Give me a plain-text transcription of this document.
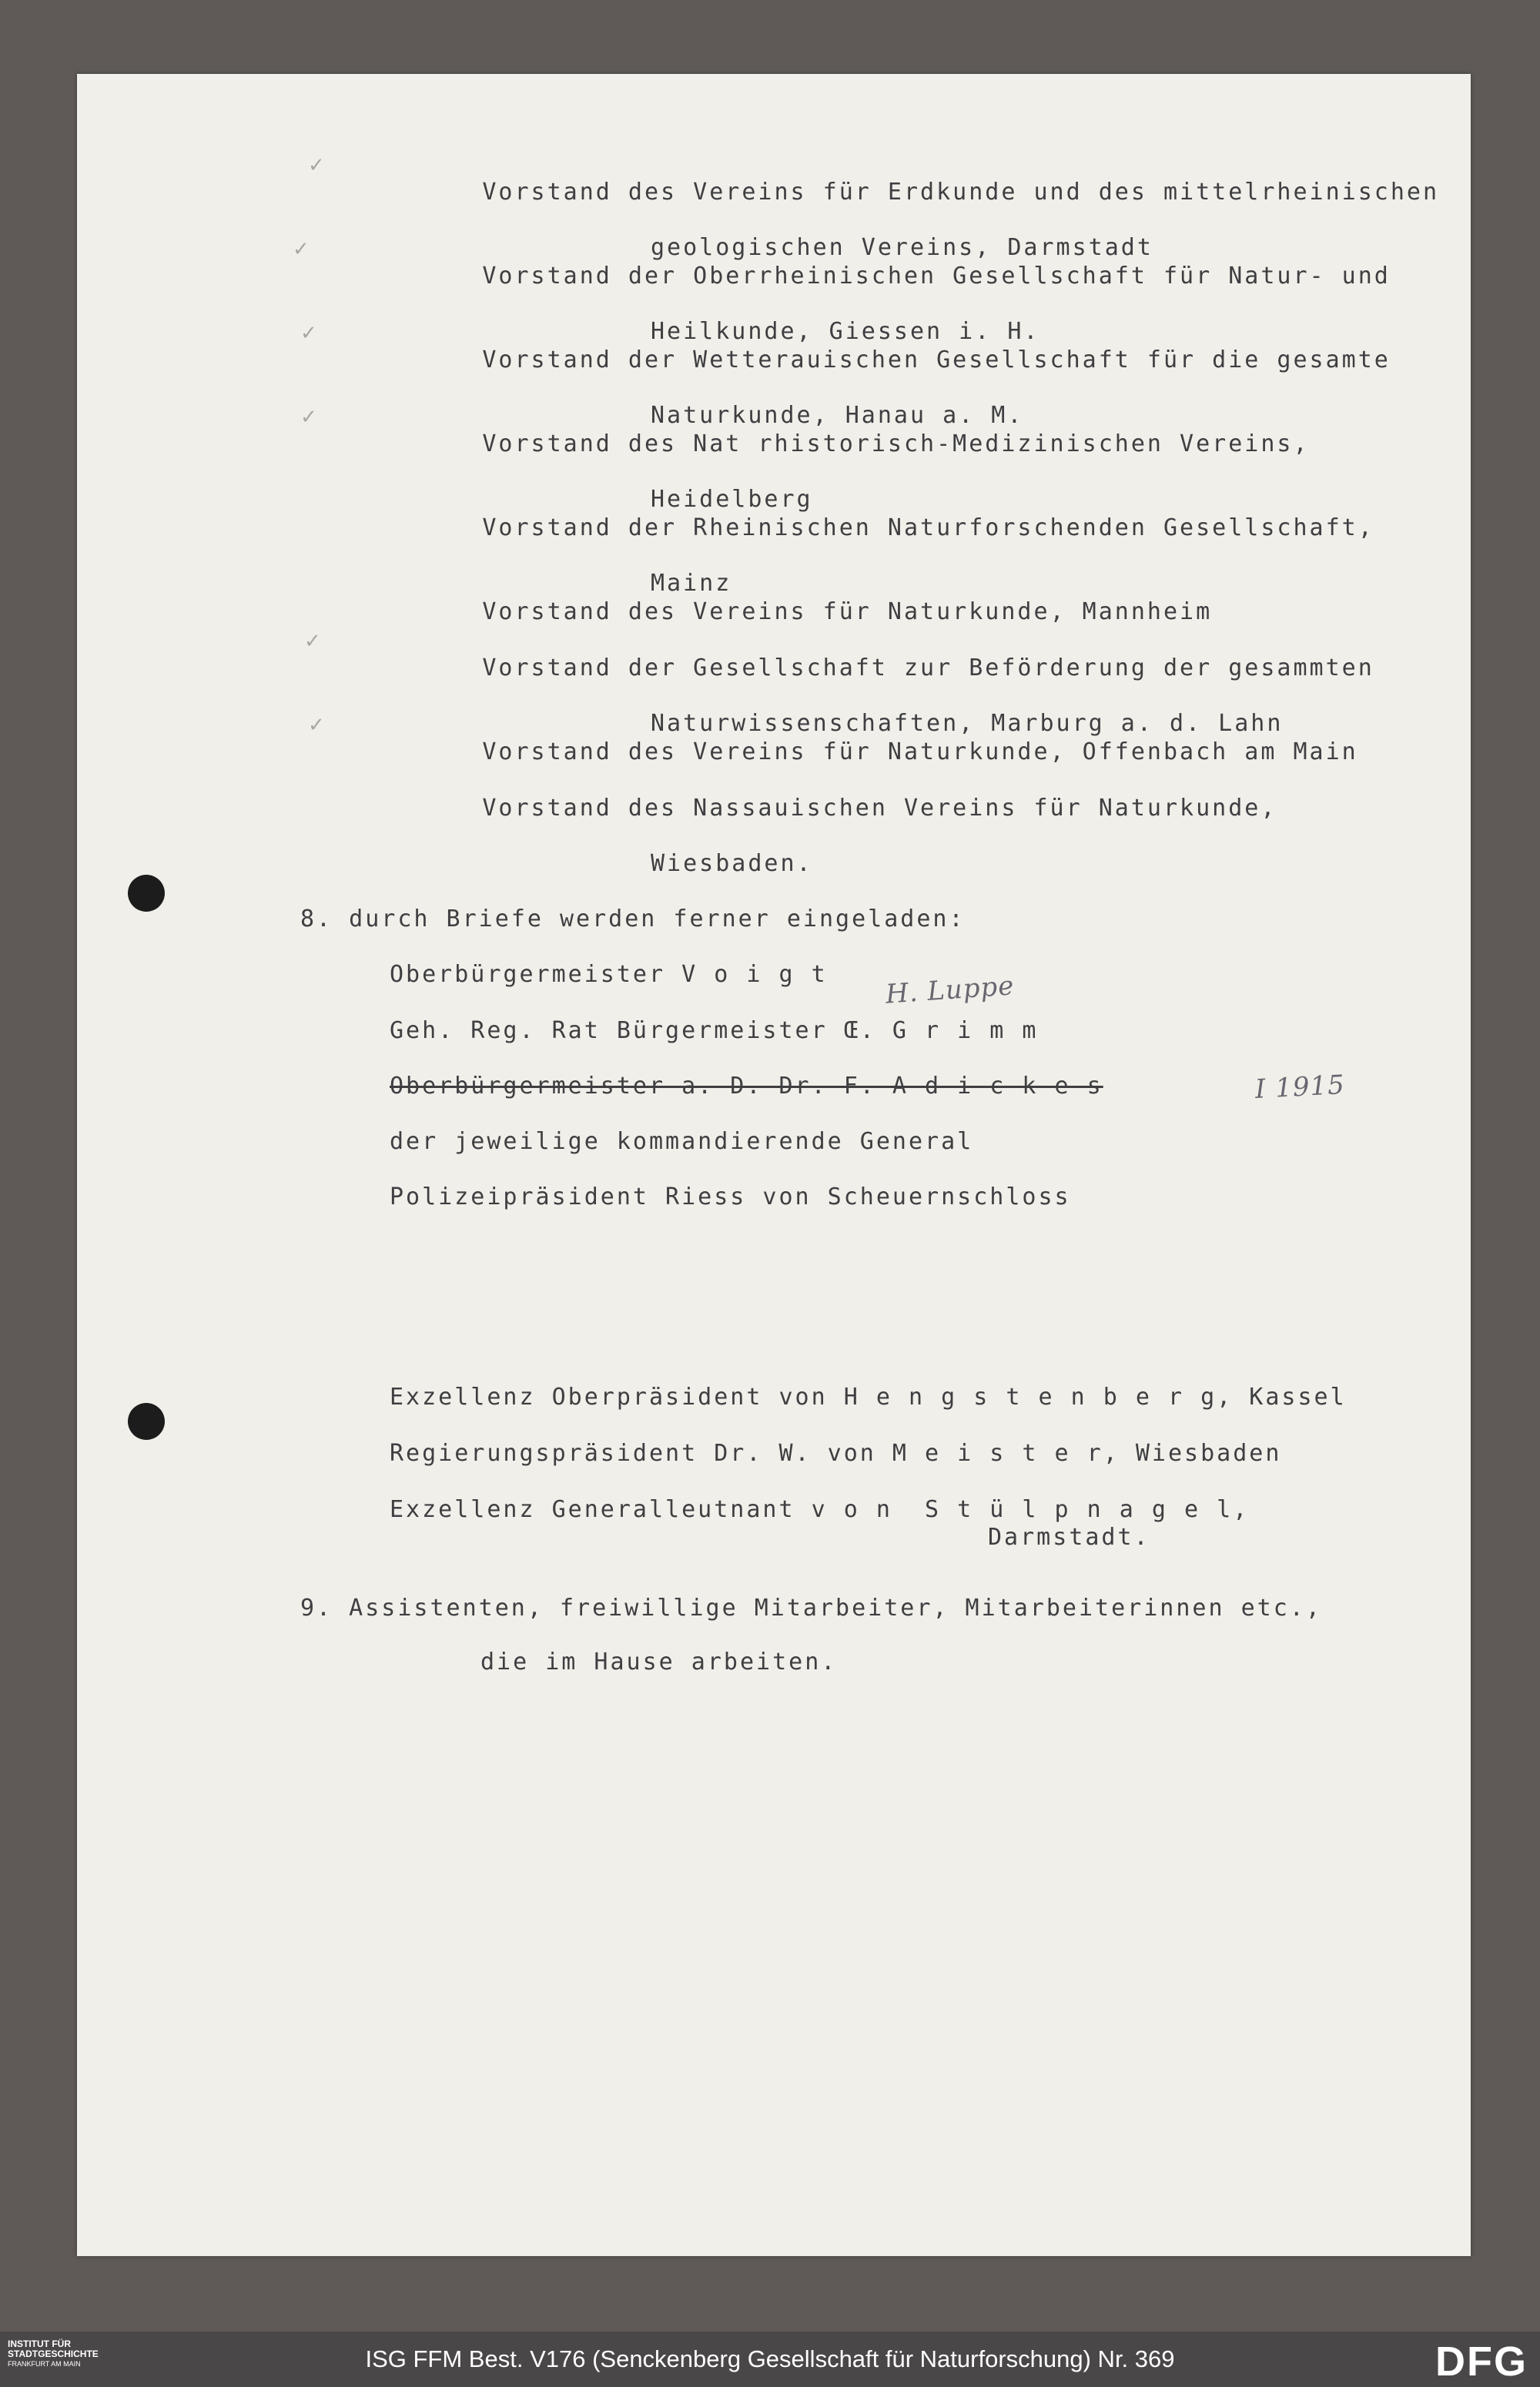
✓

Vorstand des Vereins für Erdkunde und des mittelrheinischen

geologischen Vereins, Darmstadt

✓

Vorstand der Oberrheinischen Gesellschaft für Natur- und

Heilkunde, Giessen i. H.

✓

Vorstand der Wetterauischen Gesellschaft für die gesamte

Naturkunde, Hanau a. M.

✓

Vorstand des Nat rhistorisch-Medizinischen Vereins,

Heidelberg

Vorstand der Rheinischen Naturforschenden Gesellschaft,

Mainz

Vorstand des Vereins für Naturkunde, Mannheim

✓

Vorstand der Gesellschaft zur Beförderung der gesammten

Naturwissenschaften, Marburg a. d. Lahn

✓

Vorstand des Vereins für Naturkunde, Offenbach am Main

Vorstand des Nassauischen Vereins für Naturkunde,

Wiesbaden.

8. durch Briefe werden ferner eingeladen:
Oberbürgermeister V o i g t H. Luppe
Geh. Reg. Rat Bürgermeister Œ. G r i m m
Oberbürgermeister a. D. Dr. F. A d i c k e s	I 1915
der jeweilige kommandierende General
Polizeipräsident Riess von Scheuernschloss
Exzellenz Oberpräsident von H e n g s t e n b e r g, Kassel
Regierungspräsident Dr. W. von M e i s t e r, Wiesbaden
Exzellenz Generalleutnant v o n  S t ü l p n a g e l,
Darmstadt.
9. Assistenten, freiwillige Mitarbeiter, Mitarbeiterinnen etc.,
die im Hause arbeiten.
INSTITUT FÜR
STADTGESCHICHTE
FRANKFURT AM MAIN	ISG FFM Best. V176 (Senckenberg Gesellschaft für Naturforschung) Nr. 369	DFG
